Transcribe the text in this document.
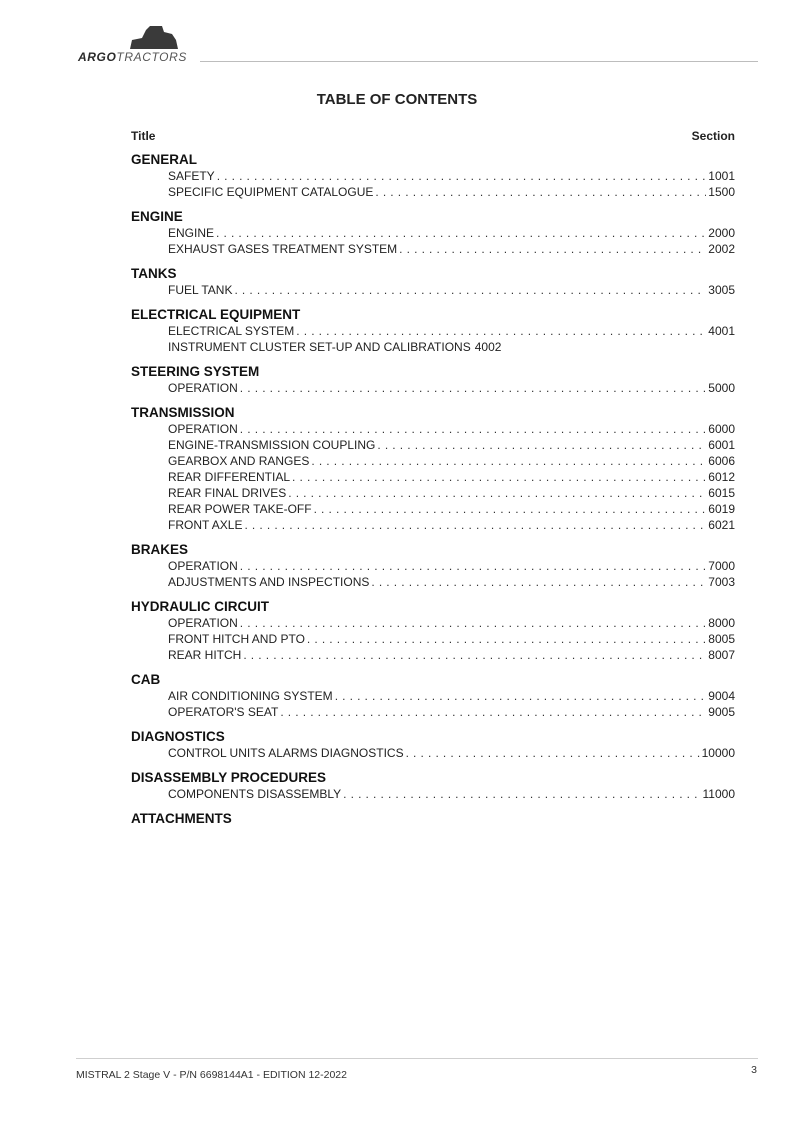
ARGOTRACTORS
TABLE OF CONTENTS
Title	Section
GENERAL
SAFETY . . .	1001
SPECIFIC EQUIPMENT CATALOGUE . . .	1500
ENGINE
ENGINE . . .	2000
EXHAUST GASES TREATMENT SYSTEM . . .	2002
TANKS
FUEL TANK . . .	3005
ELECTRICAL EQUIPMENT
ELECTRICAL SYSTEM . . .	4001
INSTRUMENT CLUSTER SET-UP AND CALIBRATIONS 4002
STEERING SYSTEM
OPERATION . . .	5000
TRANSMISSION
OPERATION . . .	6000
ENGINE-TRANSMISSION COUPLING . . .	6001
GEARBOX AND RANGES . . .	6006
REAR DIFFERENTIAL . . .	6012
REAR FINAL DRIVES . . .	6015
REAR POWER TAKE-OFF . . .	6019
FRONT AXLE . . .	6021
BRAKES
OPERATION . . .	7000
ADJUSTMENTS AND INSPECTIONS . . .	7003
HYDRAULIC CIRCUIT
OPERATION . . .	8000
FRONT HITCH AND PTO . . .	8005
REAR HITCH . . .	8007
CAB
AIR CONDITIONING SYSTEM . . .	9004
OPERATOR'S SEAT . . .	9005
DIAGNOSTICS
CONTROL UNITS ALARMS DIAGNOSTICS . . .	10000
DISASSEMBLY PROCEDURES
COMPONENTS DISASSEMBLY . . .	11000
ATTACHMENTS
MISTRAL 2 Stage V - P/N 6698144A1 - EDITION 12-2022	3
